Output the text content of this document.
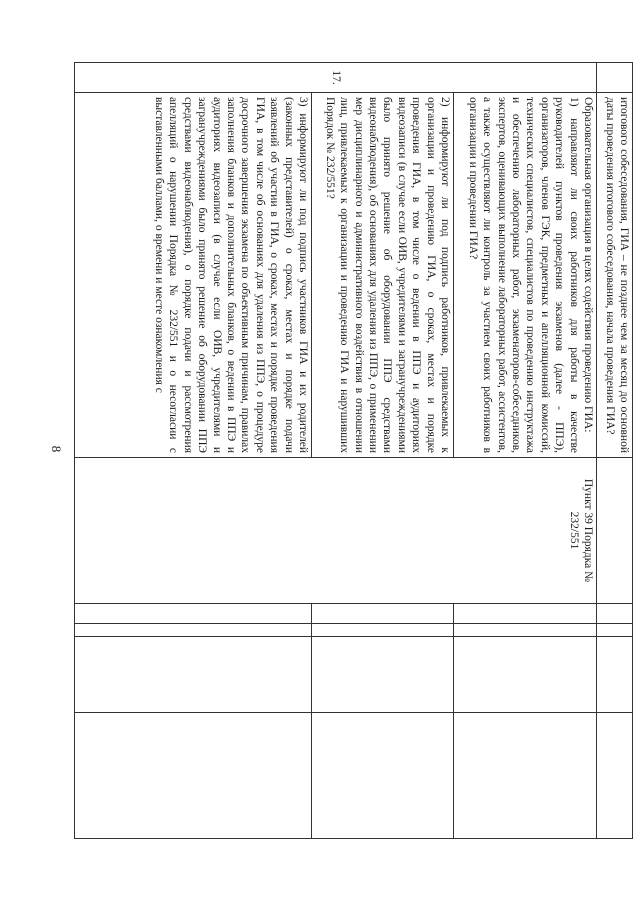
8
		итогового собеседования, ГИА – не позднее чем за месяц до основной даты проведения итогового собеседования, начала проведения ГИА?					
17.	Образовательная организация в целях содействия проведению ГИА:
1) направляют ли своих работников для работы в качестве руководителей пунктов проведения экзаменов (далее - ППЭ), организаторов, членов ГЭК, предметных и апелляционной комиссий, технических специалистов, специалистов по проведению инструктажа и обеспечению лабораторных работ, экзаменаторов-собеседников, экспертов, оценивающих выполнение лабораторных работ, ассистентов, а также осуществляют ли контроль за участием своих работников в организации и проведении ГИА?	Пункт 39 Порядка № 232/551				
	2) информируют ли под подпись работников, привлекаемых к организации и проведению ГИА, о сроках, местах и порядке проведения ГИА, в том числе о ведении в ППЭ и аудиториях видеозаписи (в случае если ОИВ, учредителями и загранучреждениями было принято решение об оборудовании ППЭ средствами видеонаблюдения), об основаниях для удаления из ППЭ, о применении мер дисциплинарного и административного воздействия в отношении лиц, привлекаемых к организации и проведению ГИА и нарушивших Порядок № 232/551?					
	3) информируют ли под подпись участников ГИА и их родителей (законных представителей) о сроках, местах и порядке подачи заявлений об участии в ГИА, о сроках, местах и порядке проведения ГИА, в том числе об основаниях для удаления из ППЭ, о процедуре досрочного завершения экзамена по объективным причинам, правилах заполнения бланков и дополнительных бланков, о ведении в ППЭ и аудиториях видеозаписи (в случае если ОИВ, учредителями и загранучреждениями было принято решение об оборудовании ППЭ средствами видеонаблюдения), о порядке подачи и рассмотрения апелляций о нарушении Порядка № 232/551 и о несогласии с выставленными баллами, о времени и месте ознакомления с					
